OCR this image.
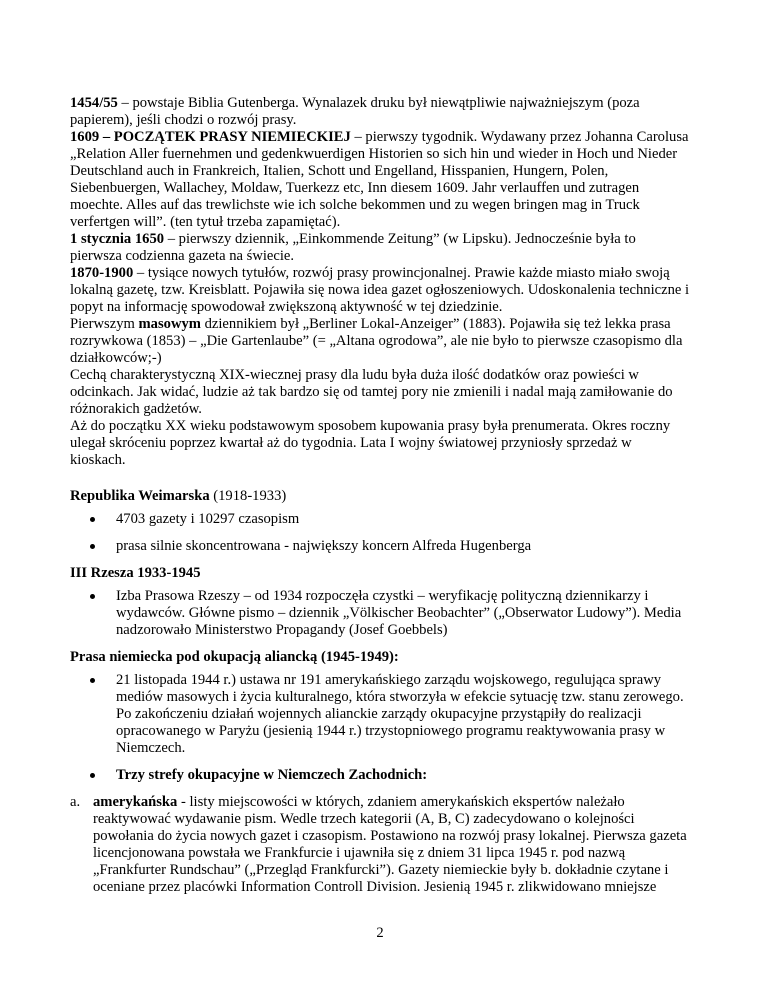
1454/55 – powstaje Biblia Gutenberga. Wynalazek druku był niewątpliwie najważniejszym (poza papierem), jeśli chodzi o rozwój prasy.

1609 – POCZĄTEK PRASY NIEMIECKIEJ – pierwszy tygodnik. Wydawany przez Johanna Carolusa „Relation Aller fuernehmen und gedenkwuerdigen Historien so sich hin und wieder in Hoch und Nieder Deutschland auch in Frankreich, Italien, Schott und Engelland, Hisspanien, Hungern, Polen, Siebenbuergen, Wallachey, Moldaw, Tuerkezz etc, Inn diesem 1609. Jahr verlauffen und zutragen moechte. Alles auf das trewlichste wie ich solche bekommen und zu wegen bringen mag in Truck verfertgen will”. (ten tytuł trzeba zapamiętać).

1 stycznia 1650 – pierwszy dziennik, „Einkommende Zeitung” (w Lipsku). Jednocześnie była to pierwsza codzienna gazeta na świecie.

1870-1900 – tysiące nowych tytułów, rozwój prasy prowincjonalnej. Prawie każde miasto miało swoją lokalną gazetę, tzw. Kreisblatt. Pojawiła się nowa idea gazet ogłoszeniowych. Udoskonalenia techniczne i popyt na informację spowodował zwiększoną aktywność w tej dziedzinie.

Pierwszym masowym dziennikiem był „Berliner Lokal-Anzeiger” (1883). Pojawiła się też lekka prasa rozrywkowa (1853) – „Die Gartenlaube” (= „Altana ogrodowa”, ale nie było to pierwsze czasopismo dla działkowców;-)

Cechą charakterystyczną XIX-wiecznej prasy dla ludu była duża ilość dodatków oraz powieści w odcinkach. Jak widać, ludzie aż tak bardzo się od tamtej pory nie zmienili i nadal mają zamiłowanie do różnorakich gadżetów.

Aż do początku XX wieku podstawowym sposobem kupowania prasy była prenumerata. Okres roczny ulegał skróceniu poprzez kwartał aż do tygodnia. Lata I wojny światowej przyniosły sprzedaż w kioskach.

Republika Weimarska (1918-1933)

4703 gazety i 10297 czasopism
prasa silnie skoncentrowana - największy koncern Alfreda Hugenberga

III Rzesza 1933-1945

Izba Prasowa Rzeszy – od 1934 rozpoczęła czystki – weryfikację polityczną dziennikarzy i wydawców. Główne pismo – dziennik „Völkischer Beobachter” („Obserwator Ludowy”). Media nadzorowało Ministerstwo Propagandy (Josef Goebbels)

Prasa niemiecka pod okupacją aliancką (1945-1949):

21 listopada 1944 r.) ustawa nr 191 amerykańskiego zarządu wojskowego, regulująca sprawy mediów masowych i życia kulturalnego, która stworzyła w efekcie sytuację tzw. stanu zerowego. Po zakończeniu działań wojennych alianckie zarządy okupacyjne przystąpiły do realizacji opracowanego w Paryżu (jesienią 1944 r.) trzystopniowego programu reaktywowania prasy w Niemczech.
Trzy strefy okupacyjne w Niemczech Zachodnich:
a. amerykańska - listy miejscowości w których, zdaniem amerykańskich ekspertów należało reaktywować wydawanie pism. Wedle trzech kategorii (A, B, C) zadecydowano o kolejności powołania do życia nowych gazet i czasopism. Postawiono na rozwój prasy lokalnej. Pierwsza gazeta licencjonowana powstała we Frankfurcie i ujawniła się z dniem 31 lipca 1945 r. pod nazwą „Frankfurter Rundschau” („Przegląd Frankfurcki”). Gazety niemieckie były b. dokładnie czytane i oceniane przez placówki Information Controll Division. Jesienią 1945 r. zlikwidowano mniejsze
2
